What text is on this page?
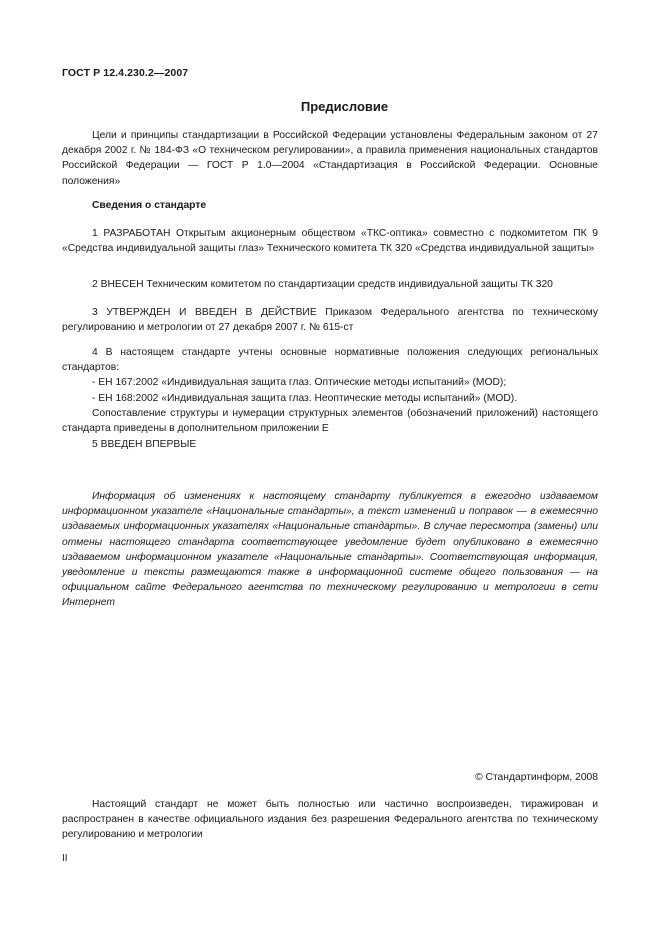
ГОСТ Р 12.4.230.2—2007
Предисловие

Цели и принципы стандартизации в Российской Федерации установлены Федеральным законом от 27 декабря 2002 г. № 184-ФЗ «О техническом регулировании», а правила применения национальных стандартов Российской Федерации — ГОСТ Р 1.0—2004 «Стандартизация в Российской Федерации. Основные положения»

Сведения о стандарте

1 РАЗРАБОТАН Открытым акционерным обществом «ТКС-оптика» совместно с подкомитетом ПК 9 «Средства индивидуальной защиты глаз» Технического комитета ТК 320 «Средства индивидуальной защиты»

2 ВНЕСЕН Техническим комитетом по стандартизации средств индивидуальной защиты ТК 320

3 УТВЕРЖДЕН И ВВЕДЕН В ДЕЙСТВИЕ Приказом Федерального агентства по техническому регулированию и метрологии от 27 декабря 2007 г. № 615-ст

4 В настоящем стандарте учтены основные нормативные положения следующих региональных стандартов:

- ЕН 167:2002 «Индивидуальная защита глаз. Оптические методы испытаний» (MOD);

- ЕН 168:2002 «Индивидуальная защита глаз. Неоптические методы испытаний» (MOD).

Сопоставление структуры и нумерации структурных элементов (обозначений приложений) настоящего стандарта приведены в дополнительном приложении Е

5 ВВЕДЕН ВПЕРВЫЕ

Информация об изменениях к настоящему стандарту публикуется в ежегодно издаваемом информационном указателе «Национальные стандарты», а текст изменений и поправок — в ежемесячно издаваемых информационных указателях «Национальные стандарты». В случае пересмотра (замены) или отмены настоящего стандарта соответствующее уведомление будет опубликовано в ежемесячно издаваемом информационном указателе «Национальные стандарты». Соответствующая информация, уведомление и тексты размещаются также в информационной системе общего пользования — на официальном сайте Федерального агентства по техническому регулированию и метрологии в сети Интернет

© Стандартинформ, 2008

Настоящий стандарт не может быть полностью или частично воспроизведен, тиражирован и распространен в качестве официального издания без разрешения Федерального агентства по техническому регулированию и метрологии

II
